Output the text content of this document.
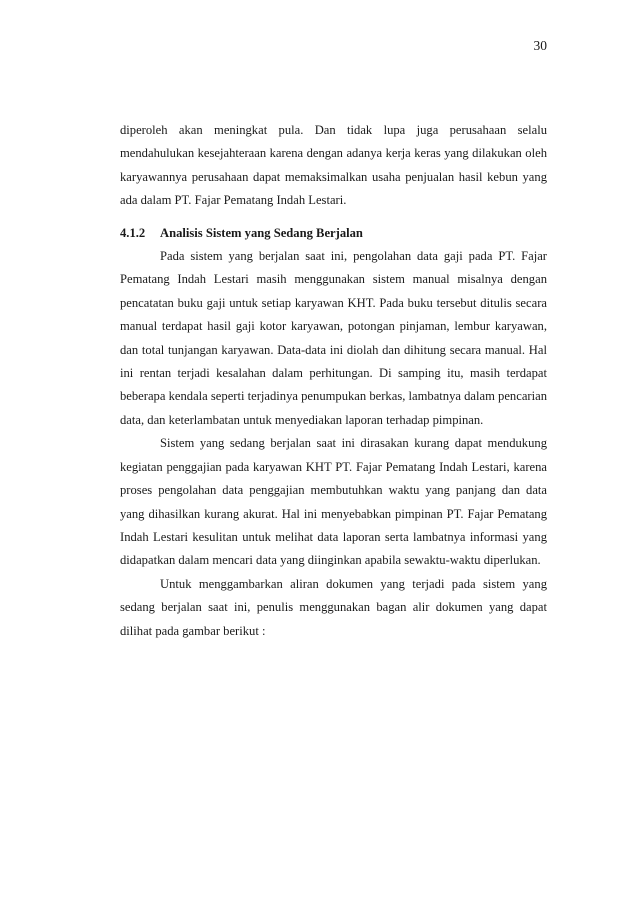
30

diperoleh akan meningkat pula. Dan tidak lupa juga perusahaan selalu mendahulukan kesejahteraan karena dengan adanya kerja keras yang dilakukan oleh karyawannya perusahaan dapat memaksimalkan usaha penjualan hasil kebun yang ada dalam PT. Fajar Pematang Indah Lestari.

4.1.2 Analisis Sistem yang Sedang Berjalan

Pada sistem yang berjalan saat ini, pengolahan data gaji pada PT. Fajar Pematang Indah Lestari masih menggunakan sistem manual misalnya dengan pencatatan buku gaji untuk setiap karyawan KHT. Pada buku tersebut ditulis secara manual terdapat hasil gaji kotor karyawan, potongan pinjaman, lembur karyawan, dan total tunjangan karyawan. Data-data ini diolah dan dihitung secara manual. Hal ini rentan terjadi kesalahan dalam perhitungan. Di samping itu, masih terdapat beberapa kendala seperti terjadinya penumpukan berkas, lambatnya dalam pencarian data, dan keterlambatan untuk menyediakan laporan terhadap pimpinan.

Sistem yang sedang berjalan saat ini dirasakan kurang dapat mendukung kegiatan penggajian pada karyawan KHT PT. Fajar Pematang Indah Lestari, karena proses pengolahan data penggajian membutuhkan waktu yang panjang dan data yang dihasilkan kurang akurat. Hal ini menyebabkan pimpinan PT. Fajar Pematang Indah Lestari kesulitan untuk melihat data laporan serta lambatnya informasi yang didapatkan dalam mencari data yang diinginkan apabila sewaktu-waktu diperlukan.

Untuk menggambarkan aliran dokumen yang terjadi pada sistem yang sedang berjalan saat ini, penulis menggunakan bagan alir dokumen yang dapat dilihat pada gambar berikut :
